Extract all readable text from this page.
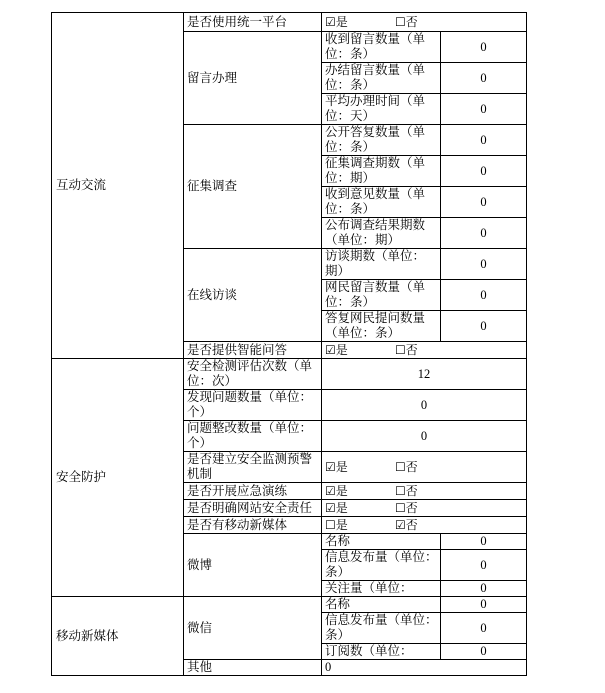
互动交流	是否使用统一平台	☑是 ☐否	
	留言办理	收到留言数量（单位：条）	0
		办结留言数量（单位：条）	0
		平均办理时间（单位：天）	0
	征集调查	公开答复数量（单位：条）	0
		征集调查期数（单位：期）	0
		收到意见数量（单位：条）	0
		公布调查结果期数（单位：期）	0
	在线访谈	访谈期数（单位：期）	0
		网民留言数量（单位：条）	0
		答复网民提问数量（单位：条）	0
	是否提供智能问答	☑是 ☐否	
安全防护	安全检测评估次数（单位：次）	12	
	发现问题数量（单位：个）	0	
	问题整改数量（单位：个）	0	
	是否建立安全监测预警机制	☑是 ☐否	
	是否开展应急演练	☑是 ☐否	
	是否明确网站安全责任	☑是 ☐否	
	是否有移动新媒体	☐是 ☑否	
	微博	名称	0
		信息发布量（单位：条）	0
		关注量（单位：	0
移动新媒体	微信	名称	0
		信息发布量（单位：条）	0
		订阅数（单位：	0
	其他	0	
